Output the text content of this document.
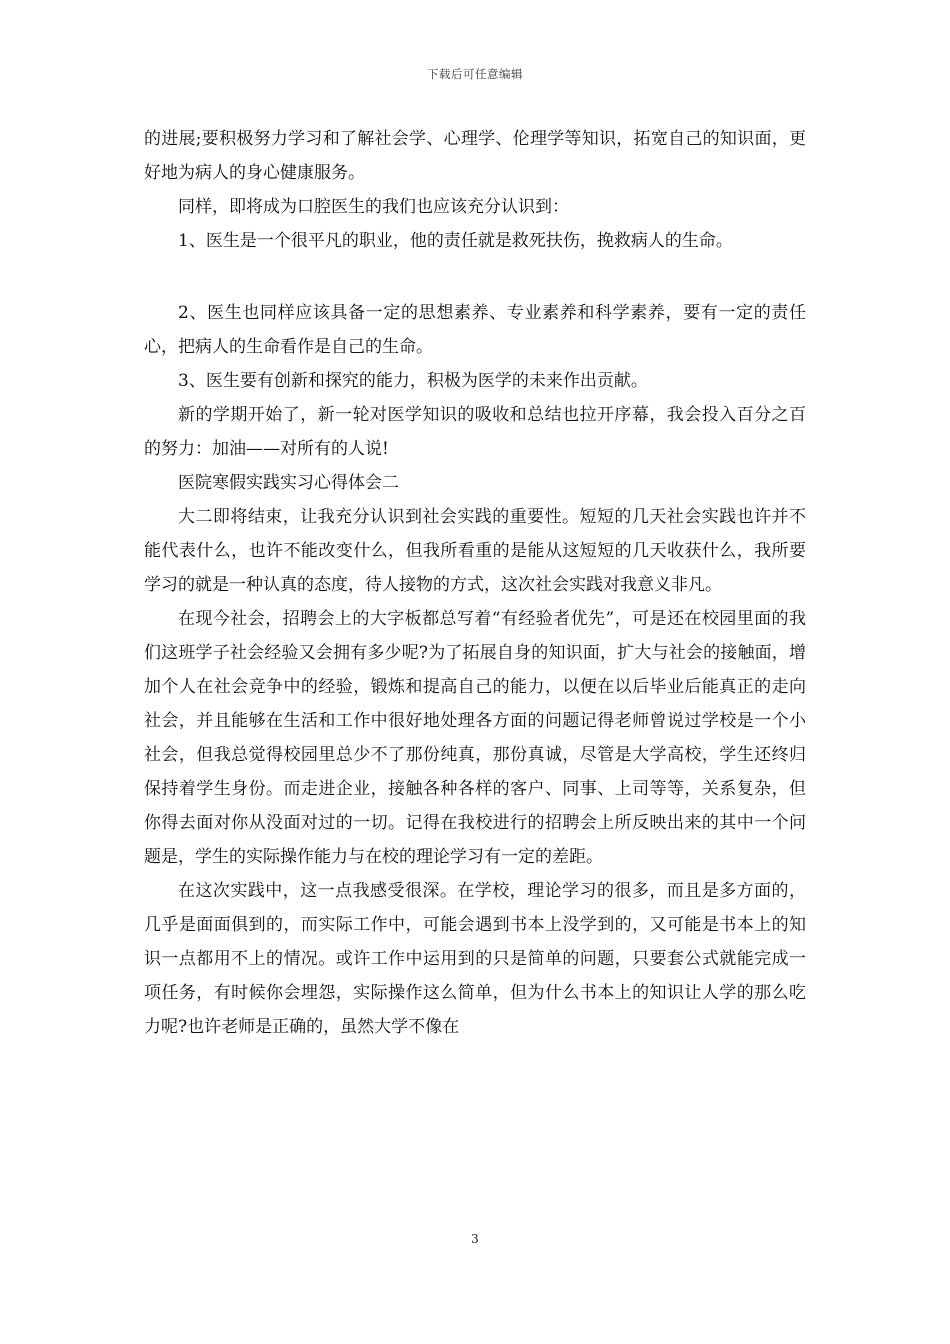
下载后可任意编辑

的进展;要积极努力学习和了解社会学、心理学、伦理学等知识，拓宽自己的知识面，更好地为病人的身心健康服务。

同样，即将成为口腔医生的我们也应该充分认识到：

1、医生是一个很平凡的职业，他的责任就是救死扶伤，挽救病人的生命。

2、医生也同样应该具备一定的思想素养、专业素养和科学素养，要有一定的责任心，把病人的生命看作是自己的生命。

3、医生要有创新和探究的能力，积极为医学的未来作出贡献。

新的学期开始了，新一轮对医学知识的吸收和总结也拉开序幕，我会投入百分之百的努力：加油——对所有的人说!

医院寒假实践实习心得体会二

大二即将结束，让我充分认识到社会实践的重要性。短短的几天社会实践也许并不能代表什么，也许不能改变什么，但我所看重的是能从这短短的几天收获什么，我所要学习的就是一种认真的态度，待人接物的方式，这次社会实践对我意义非凡。

在现今社会，招聘会上的大字板都总写着“有经验者优先”，可是还在校园里面的我们这班学子社会经验又会拥有多少呢?为了拓展自身的知识面，扩大与社会的接触面，增加个人在社会竞争中的经验，锻炼和提高自己的能力，以便在以后毕业后能真正的走向社会，并且能够在生活和工作中很好地处理各方面的问题记得老师曾说过学校是一个小社会，但我总觉得校园里总少不了那份纯真，那份真诚，尽管是大学高校，学生还终归保持着学生身份。而走进企业，接触各种各样的客户、同事、上司等等，关系复杂，但你得去面对你从没面对过的一切。记得在我校进行的招聘会上所反映出来的其中一个问题是，学生的实际操作能力与在校的理论学习有一定的差距。

在这次实践中，这一点我感受很深。在学校，理论学习的很多，而且是多方面的，几乎是面面俱到的，而实际工作中，可能会遇到书本上没学到的，又可能是书本上的知识一点都用不上的情况。或许工作中运用到的只是简单的问题，只要套公式就能完成一项任务，有时候你会埋怨，实际操作这么简单，但为什么书本上的知识让人学的那么吃力呢?也许老师是正确的，虽然大学不像在

3
